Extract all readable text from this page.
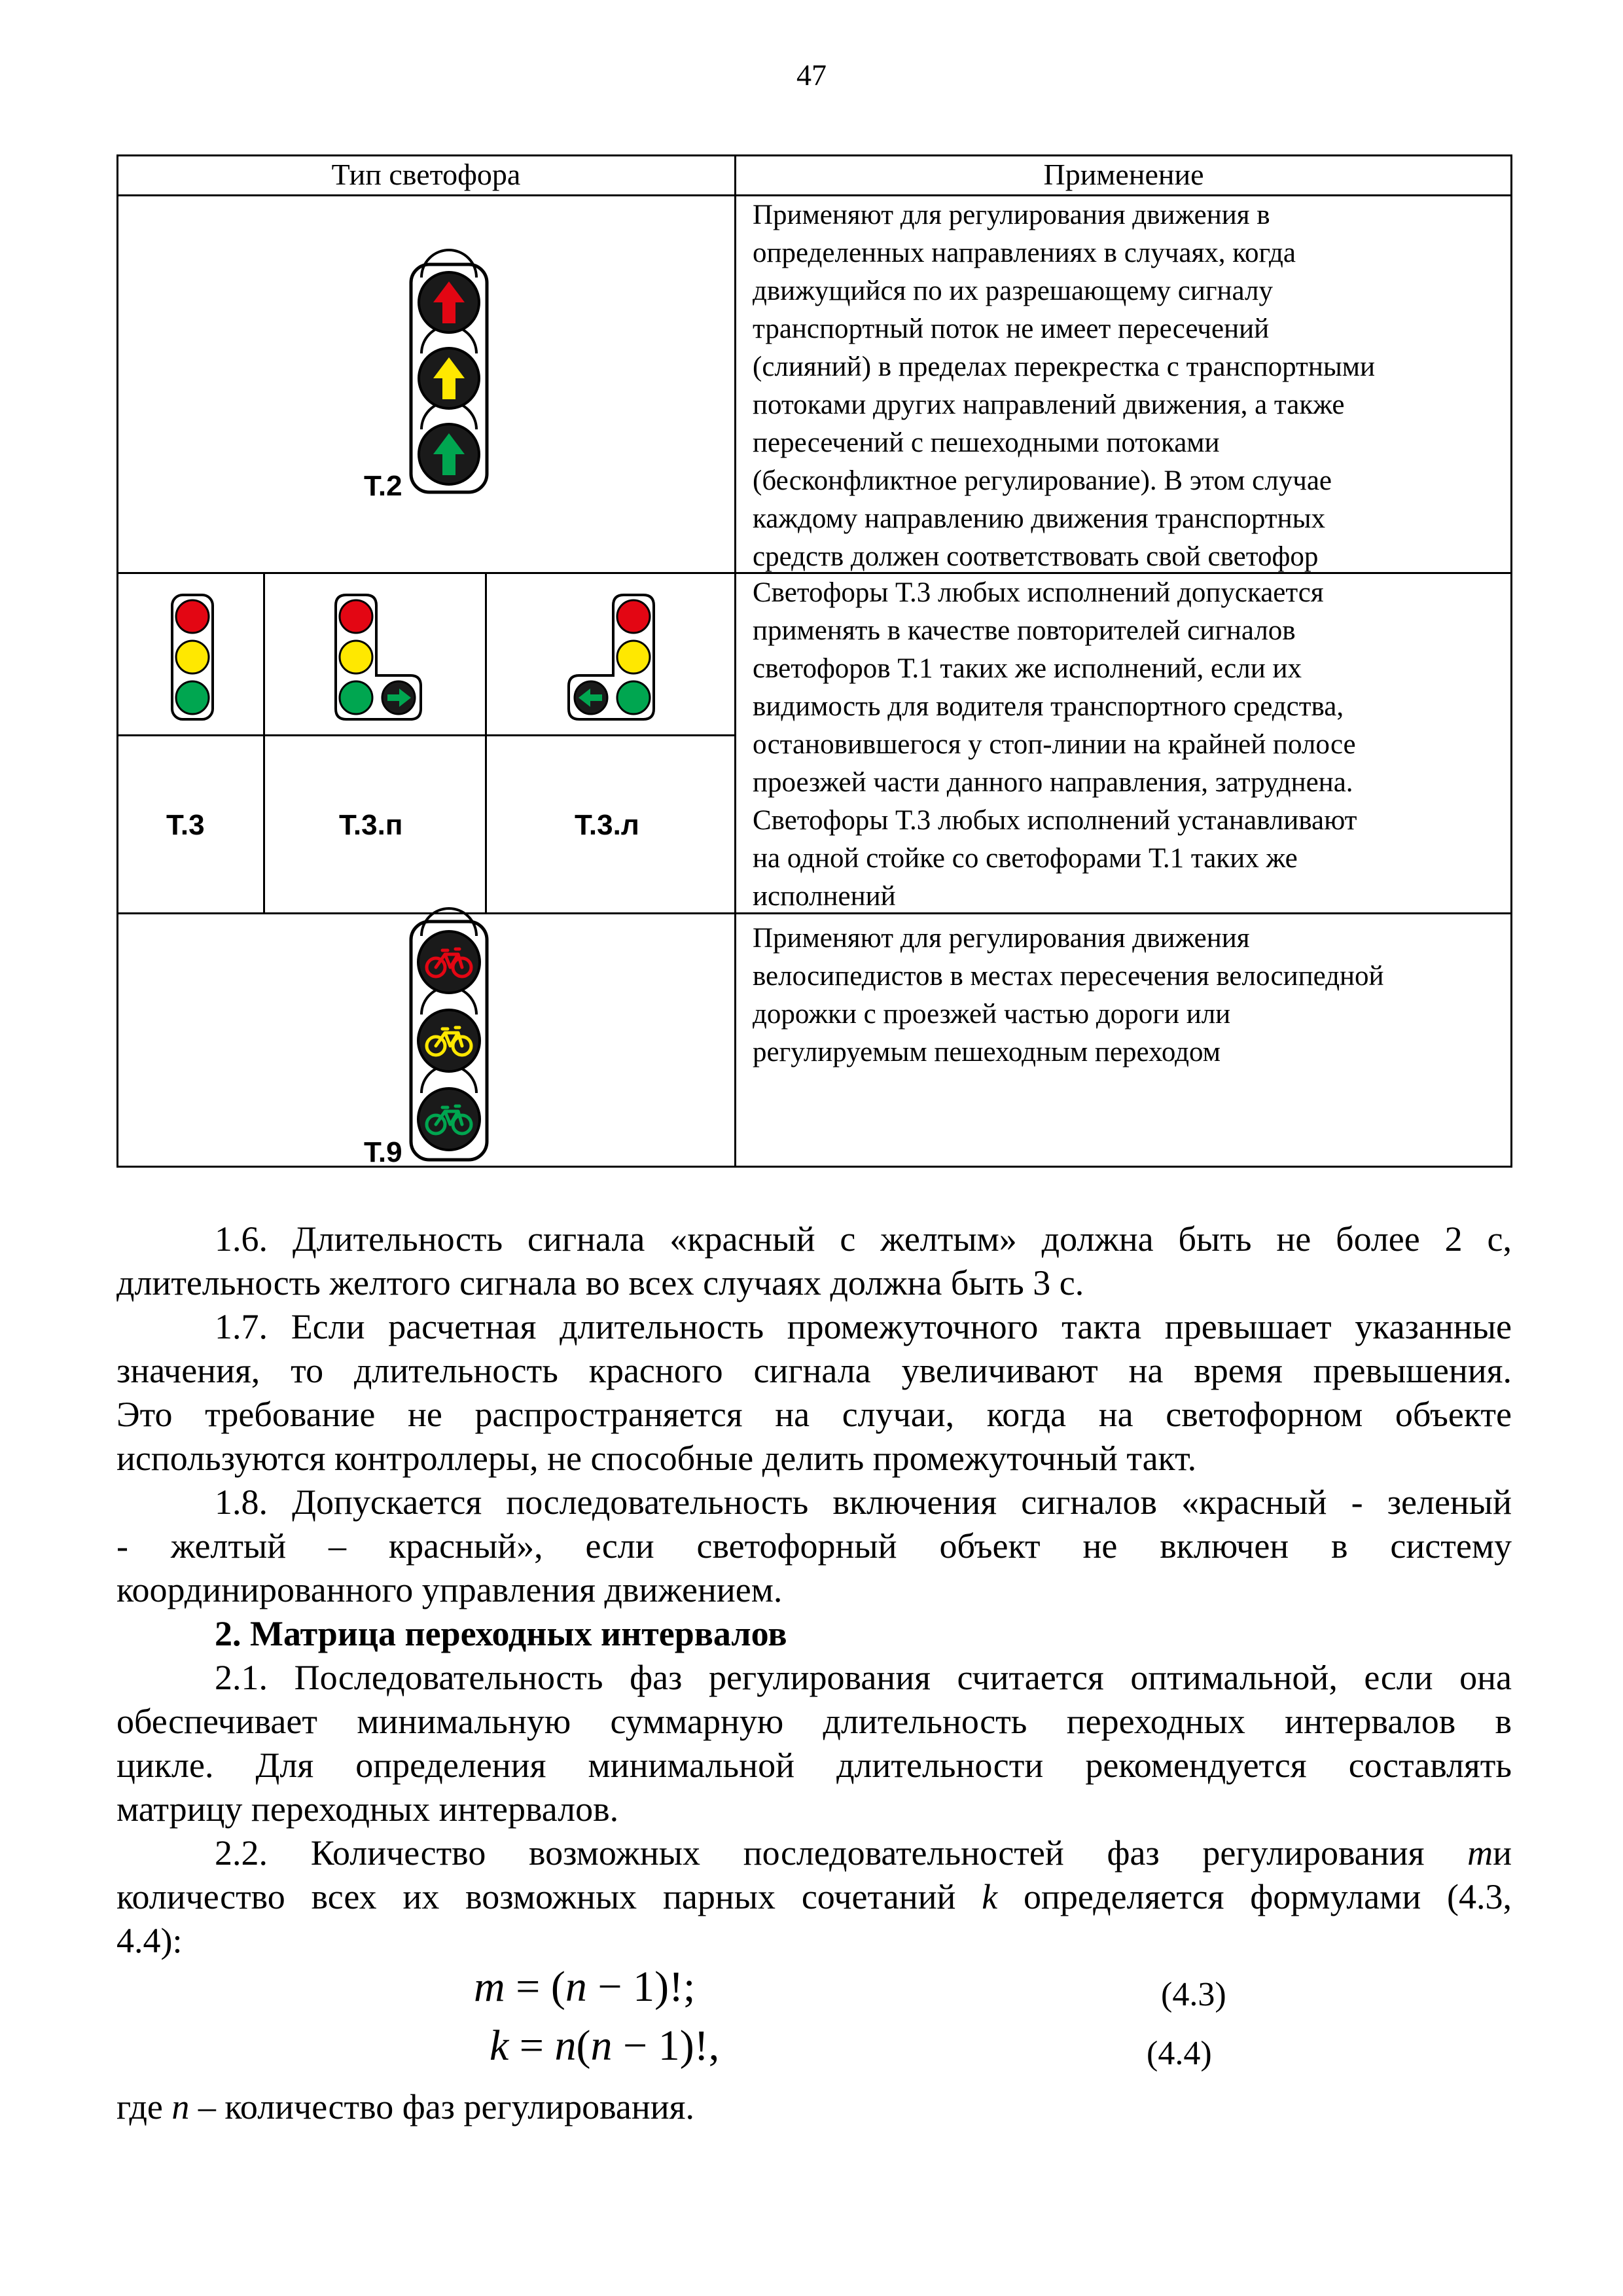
47
Тип светофора	Применение
Т.2
Применяют для регулирования движения в
определенных направлениях в случаях, когда
движущийся по их разрешающему сигналу
транспортный поток не имеет пересечений
(слияний) в пределах перекрестка с транспортными
потоками других направлений движения, а также
пересечений с пешеходными потоками
(бесконфликтное регулирование). В этом случае
каждому направлению движения транспортных
средств должен соответствовать свой светофор
Т.3	Т.3.п	Т.3.л
Светофоры Т.3 любых исполнений допускается
применять в качестве повторителей сигналов
светофоров Т.1 таких же исполнений, если их
видимость для водителя транспортного средства,
остановившегося у стоп-линии на крайней полосе
проезжей части данного направления, затруднена.
Светофоры Т.3 любых исполнений устанавливают
на одной стойке со светофорами Т.1 таких же
исполнений
Т.9
Применяют для регулирования движения
велосипедистов в местах пересечения велосипедной
дорожки с проезжей частью дороги или
регулируемым пешеходным переходом
1.6. Длительность сигнала «красный с желтым» должна быть не более 2 с,
длительность желтого сигнала во всех случаях должна быть 3 с.
1.7. Если расчетная длительность промежуточного такта превышает указанные
значения, то длительность красного сигнала увеличивают на время превышения.
Это требование не распространяется на случаи, когда на светофорном объекте
используются контроллеры, не способные делить промежуточный такт.
1.8. Допускается последовательность включения сигналов «красный - зеленый
- желтый – красный», если светофорный объект не включен в систему
координированного управления движением.
2. Матрица переходных интервалов
2.1. Последовательность фаз регулирования считается оптимальной, если она
обеспечивает минимальную суммарную длительность переходных интервалов в
цикле. Для определения минимальной длительности рекомендуется составлять
матрицу переходных интервалов.
2.2. Количество возможных последовательностей фаз регулирования mи
количество всех их возможных парных сочетаний k определяется формулами (4.3,
4.4):
m = (n − 1)!;	(4.3)
k = n(n − 1)!,	(4.4)
где n – количество фаз регулирования.
